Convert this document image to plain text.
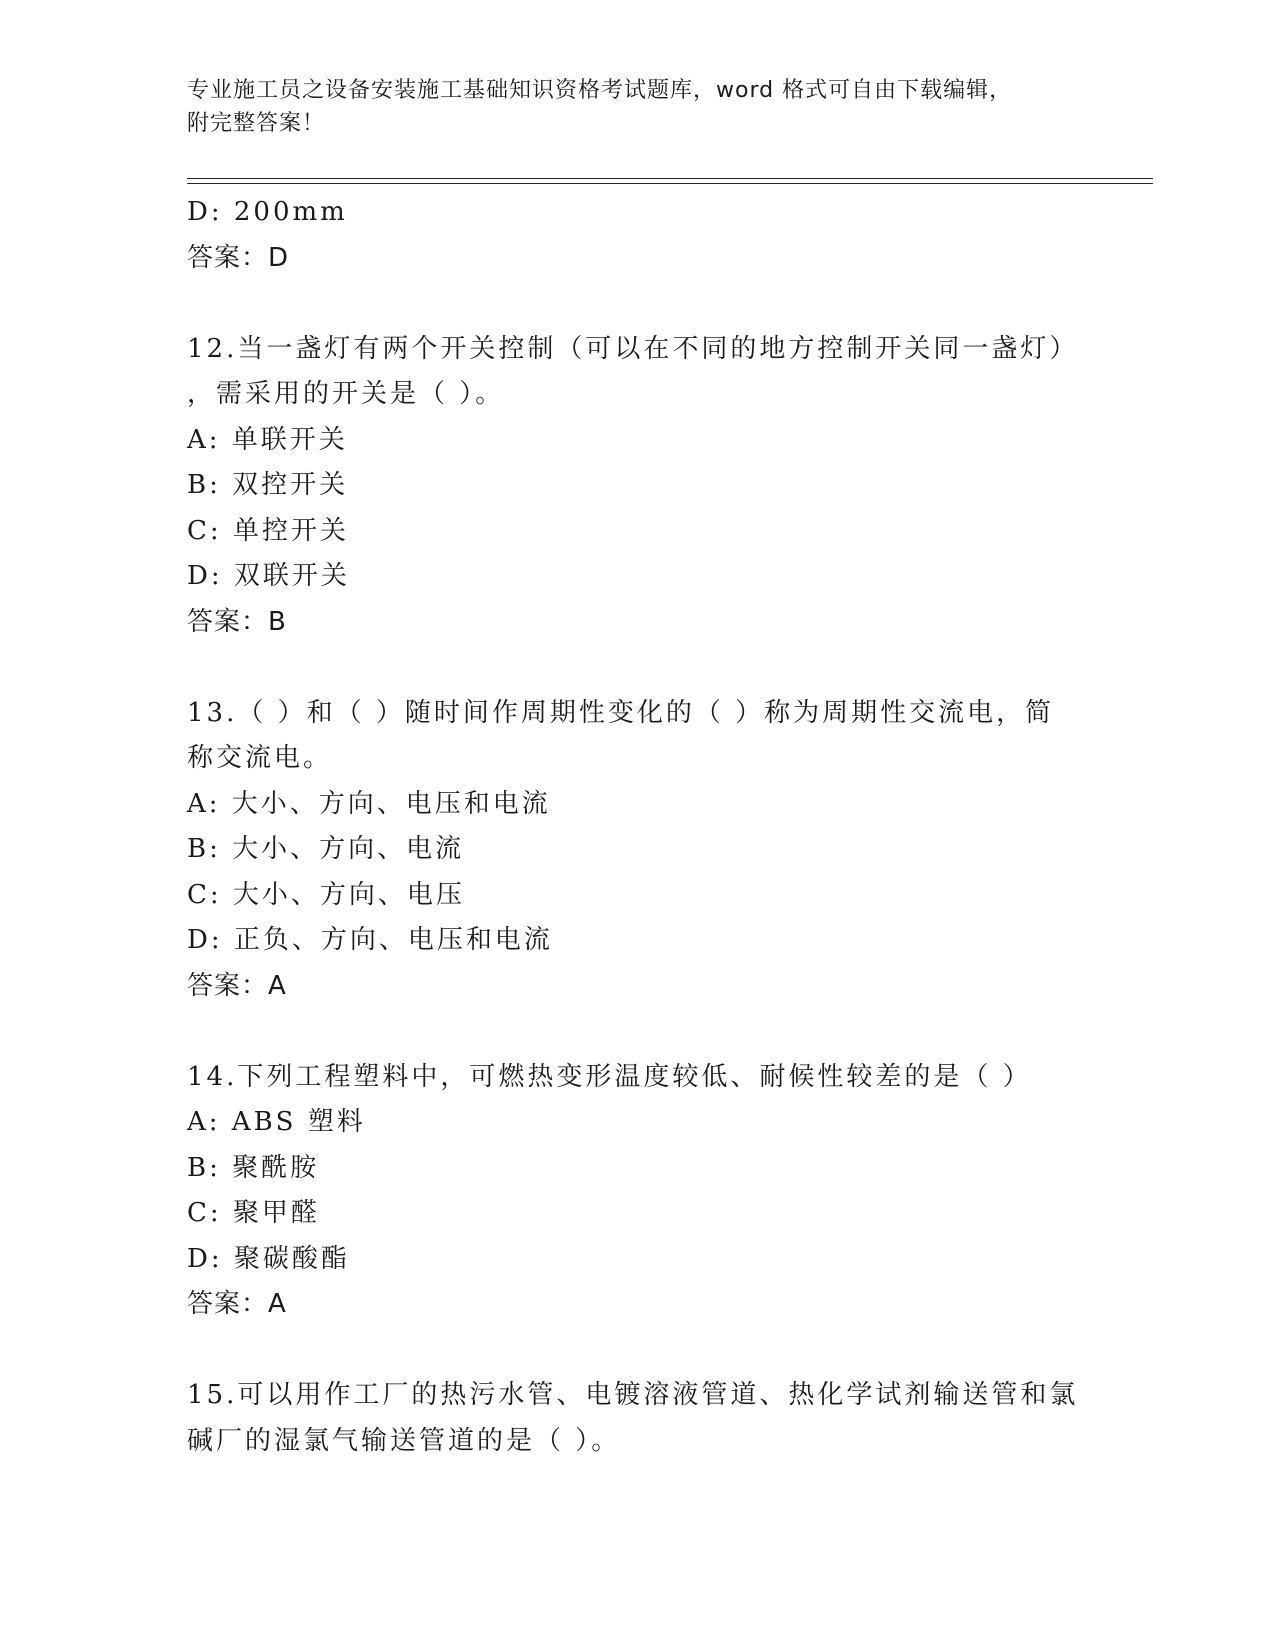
专业施工员之设备安装施工基础知识资格考试题库，word 格式可自由下载编辑，
附完整答案！
D: 200mm
答案：D
12.当一盏灯有两个开关控制（可以在不同的地方控制开关同一盏灯）
，需采用的开关是（ ）。
A: 单联开关
B: 双控开关
C: 单控开关
D: 双联开关
答案：B
13.（ ）和（ ）随时间作周期性变化的（ ）称为周期性交流电，简
称交流电。
A: 大小、方向、电压和电流
B: 大小、方向、电流
C: 大小、方向、电压
D: 正负、方向、电压和电流
答案：A
14.下列工程塑料中，可燃热变形温度较低、耐候性较差的是（ ）
A: ABS 塑料
B: 聚酰胺
C: 聚甲醛
D: 聚碳酸酯
答案：A
15.可以用作工厂的热污水管、电镀溶液管道、热化学试剂输送管和氯
碱厂的湿氯气输送管道的是（ ）。
